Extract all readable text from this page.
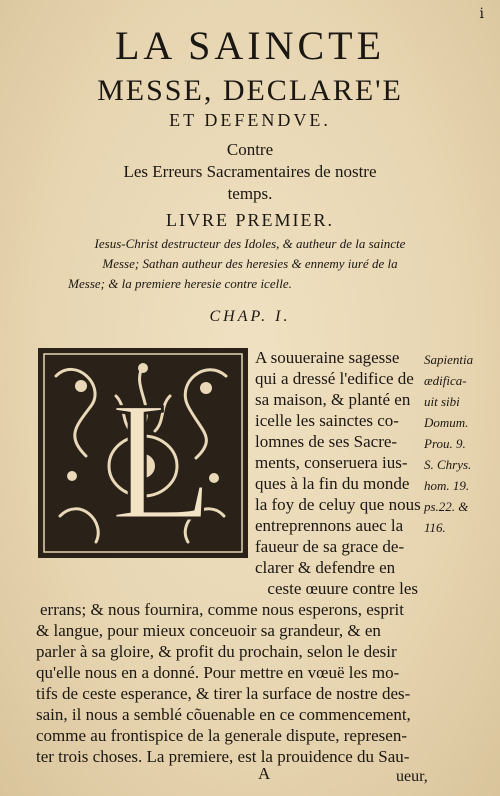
i
LA SAINCTE
MESSE, DECLARE'E
ET DEFENDVE.
Contre
Les Erreurs Sacramentaires de nostre
temps.
LIVRE PREMIER.
Iesus-Christ destructeur des Idoles, & autheur de la saincte
Messe; Sathan autheur des heresies & ennemy iuré de la
Messe; & la premiere heresie contre icelle.
CHAP. I.
L
A souueraine sagesse
qui a dressé l'edifice de
sa maison, & planté en
icelle les sainctes co-
lomnes de ses Sacre-
ments, conseruera ius-
ques à la fin du monde
la foy de celuy que nous
entreprennons auec la
faueur de sa grace de-
clarer & defendre en
ceste œuure contre les
errans; & nous fournira, comme nous esperons, esprit
& langue, pour mieux conceuoir sa grandeur, & en
parler à sa gloire, & profit du prochain, selon le desir
qu'elle nous en a donné. Pour mettre en vœuë les mo-
tifs de ceste esperance, & tirer la surface de nostre des-
sain, il nous a semblé cõuenable en ce commencement,
comme au frontispice de la generale dispute, represen-
ter trois choses. La premiere, est la prouidence du Sau-
Sapientia
ædifica-
uit sibi
Domum.
Prou. 9.
S. Chrys.
hom. 19.
ps.22. &
116.
A	ueur,
